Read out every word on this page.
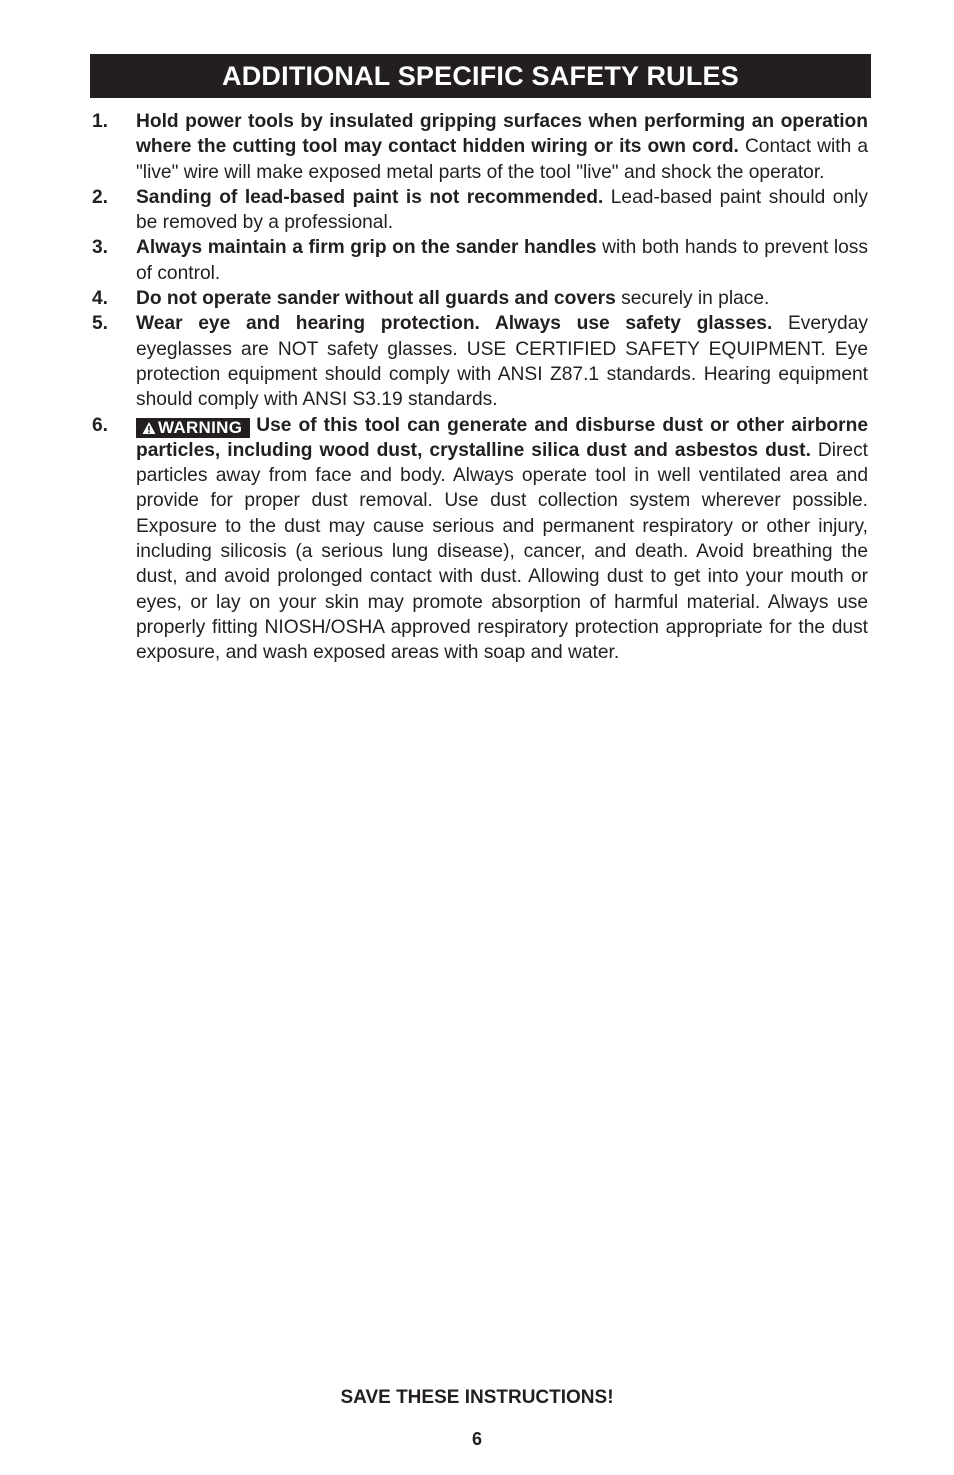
ADDITIONAL SPECIFIC SAFETY RULES
1. Hold power tools by insulated gripping surfaces when performing an operation where the cutting tool may contact hidden wiring or its own cord. Contact with a "live" wire will make exposed metal parts of the tool "live" and shock the operator.
2. Sanding of lead-based paint is not recommended. Lead-based paint should only be removed by a professional.
3. Always maintain a firm grip on the sander handles with both hands to prevent loss of control.
4. Do not operate sander without all guards and covers securely in place.
5. Wear eye and hearing protection. Always use safety glasses. Everyday eyeglasses are NOT safety glasses. USE CERTIFIED SAFETY EQUIPMENT. Eye protection equipment should comply with ANSI Z87.1 standards. Hearing equipment should comply with ANSI S3.19 standards.
6.	WARNING Use of this tool can generate and disburse dust or other airborne particles, including wood dust, crystalline silica dust and asbestos dust. Direct particles away from face and body. Always operate tool in well ventilated area and provide for proper dust removal. Use dust collection system wherever possible. Exposure to the dust may cause serious and permanent respiratory or other injury, including silicosis (a serious lung disease), cancer, and death. Avoid breathing the dust, and avoid prolonged contact with dust. Allowing dust to get into your mouth or eyes, or lay on your skin may promote absorption of harmful material. Always use properly fitting NIOSH/OSHA approved respiratory protection appropriate for the dust exposure, and wash exposed areas with soap and water.
SAVE THESE INSTRUCTIONS!
6
